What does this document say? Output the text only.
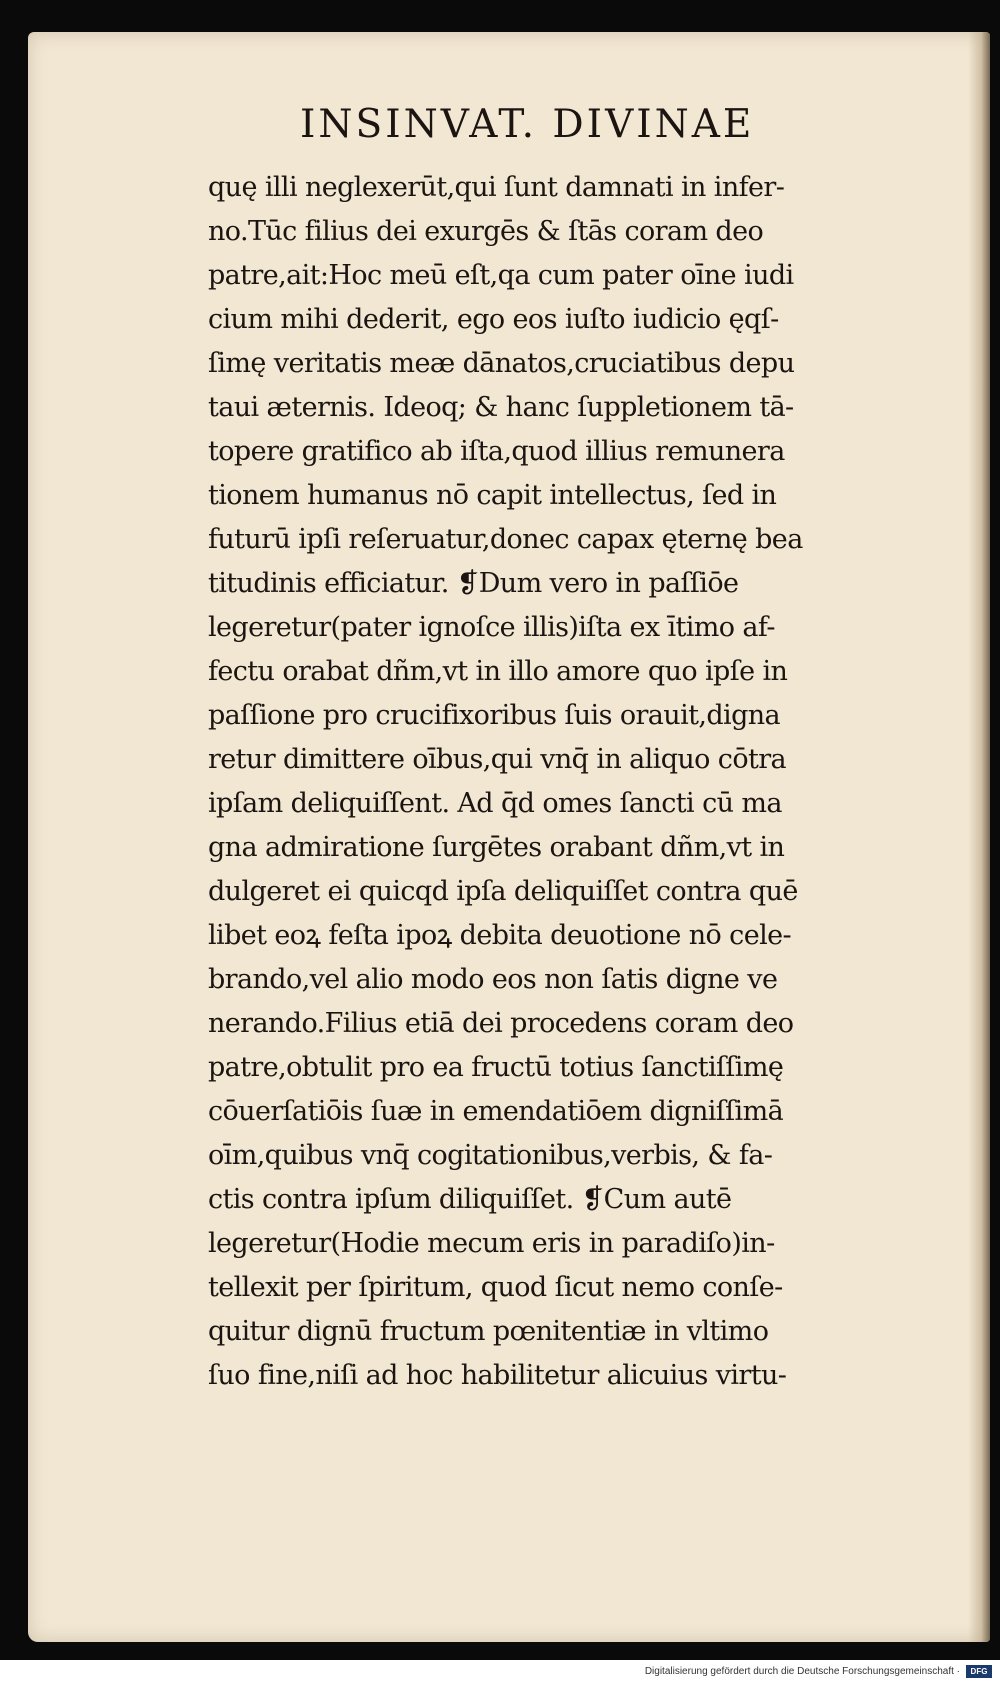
INSINVAT. DIVINAE
quę illi neglexerūt,qui ſunt damnati in infer-
no.Tūc filius dei exurgēs & ſtās coram deo
patre,ait:Hoc meū eſt,qa cum pater oīne iudi
cium mihi dederit, ego eos iuſto iudicio ęqſ-
ſimę veritatis meæ dānatos,cruciatibus depu
taui æternis. Ideoq; & hanc ſuppletionem tā-
topere gratifico ab iſta,quod illius remunera
tionem humanus nō capit intellectus, ſed in
futurū ipſi reſeruatur,donec capax ęternę bea
titudinis efficiatur. ❡Dum vero in paſſiōe
legeretur(pater ignoſce illis)iſta ex ītimo af-
fectu orabat dñm,vt in illo amore quo ipſe in
paſſione pro crucifixoribus ſuis orauit,digna
retur dimittere oībus,qui vnq̄ in aliquo cōtra
ipſam deliquiſſent. Ad q̄d omes ſancti cū ma
gna admiratione ſurgētes orabant dñm,vt in
dulgeret ei quicqd ipſa deliquiſſet contra quē
libet eoꝝ feſta ipoꝝ debita deuotione nō cele-
brando,vel alio modo eos non ſatis digne ve
nerando.Filius etiā dei procedens coram deo
patre,obtulit pro ea fructū totius ſanctiſſimę
cōuerſatiōis ſuæ in emendatiōem digniſſimā
oīm,quibus vnq̄ cogitationibus,verbis, & fa-
ctis contra ipſum diliquiſſet. ❡Cum autē
legeretur(Hodie mecum eris in paradiſo)in-
tellexit per ſpiritum, quod ſicut nemo conſe-
quitur dignū fructum pœnitentiæ in vltimo
ſuo fine,niſi ad hoc habilitetur alicuius virtu-
Digitalisierung gefördert durch die Deutsche Forschungsgemeinschaft ·	DFG
